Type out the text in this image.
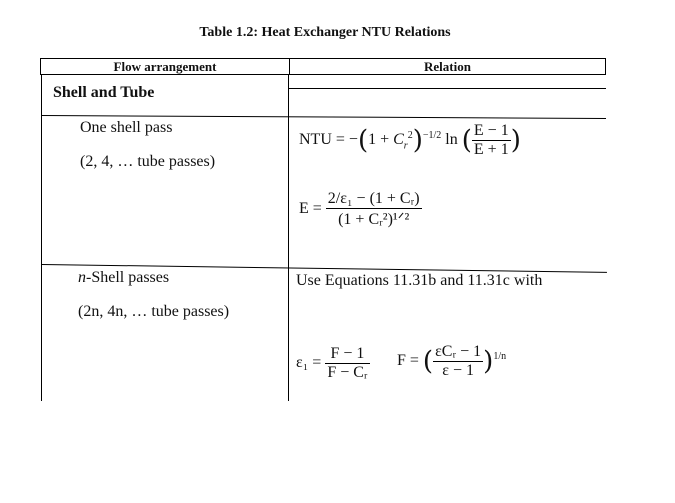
Table 1.2: Heat Exchanger NTU Relations
Flow arrangement	Relation
Shell and Tube
One shell pass
(2, 4, … tube passes)
NTU = $-(1 + C_r^2)^{-1/2}$ ln ( $\frac{E - 1}{E + 1}$ )
$E = \frac{\text{2/ε₁ − (1 + Cᵣ)}}{\text{(1 + Cᵣ²)¹ᐟ²}}$
n-Shell passes
(2n, 4n, … tube passes)
Use Equations 11.31b and 11.31c with
$\varepsilon_1 = \frac{F - 1}{\text{F − Cᵣ}}$ F = ( $\frac{\text{εCᵣ − 1}}{\varepsilon - 1} )^{1/n}$
